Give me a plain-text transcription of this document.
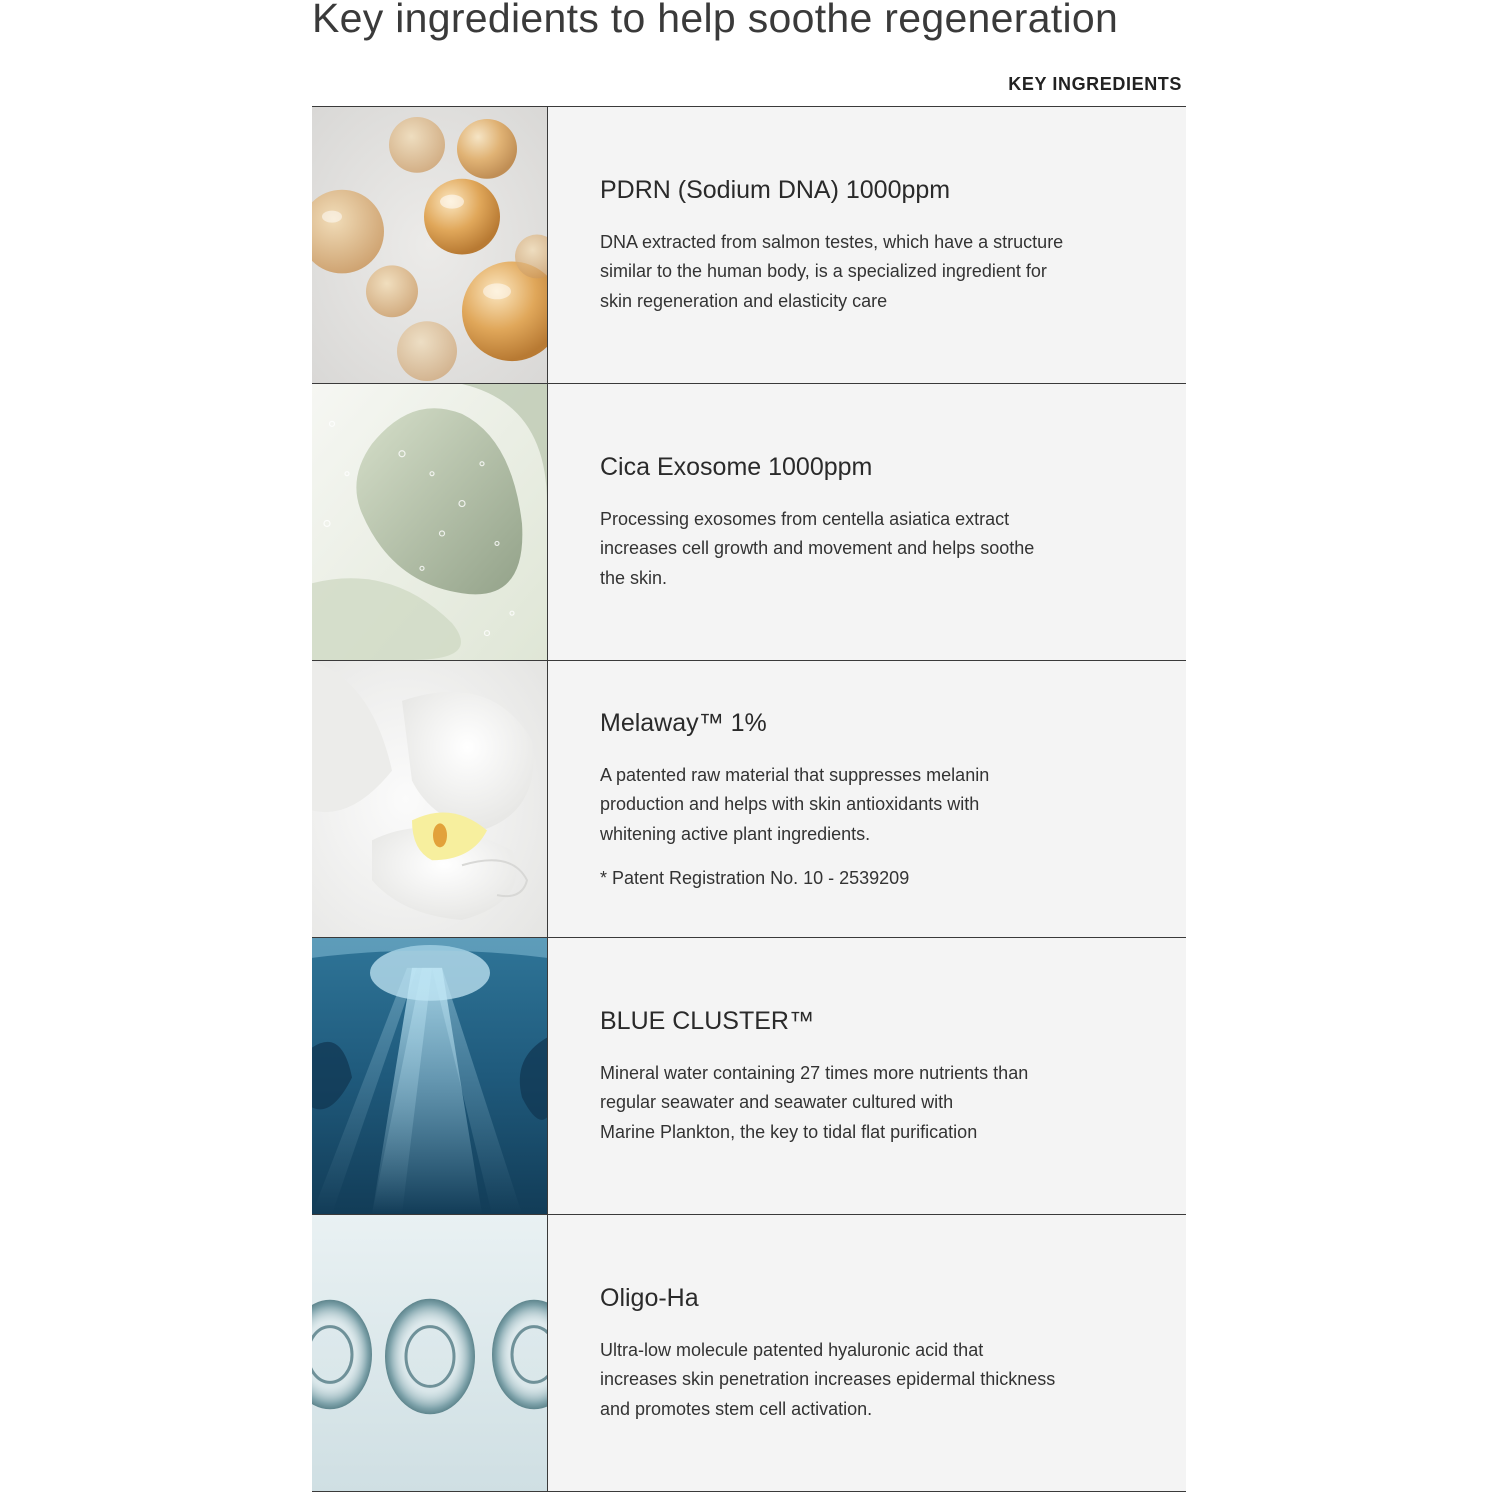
Key ingredients to help soothe regeneration
KEY INGREDIENTS

PDRN (Sodium DNA) 1000ppm

DNA extracted from salmon testes, which have a structure
similar to the human body, is a specialized ingredient for
skin regeneration and elasticity care

Cica Exosome 1000ppm

Processing exosomes from centella asiatica extract
increases cell growth and movement and helps soothe
the skin.

Melaway™ 1%

A patented raw material that suppresses melanin
production and helps with skin antioxidants with
whitening active plant ingredients.

* Patent Registration No. 10 - 2539209

BLUE CLUSTER™

Mineral water containing 27 times more nutrients than
regular seawater and seawater cultured with
Marine Plankton, the key to tidal flat purification

Oligo-Ha

Ultra-low molecule patented hyaluronic acid that
increases skin penetration increases epidermal thickness
and promotes stem cell activation.
